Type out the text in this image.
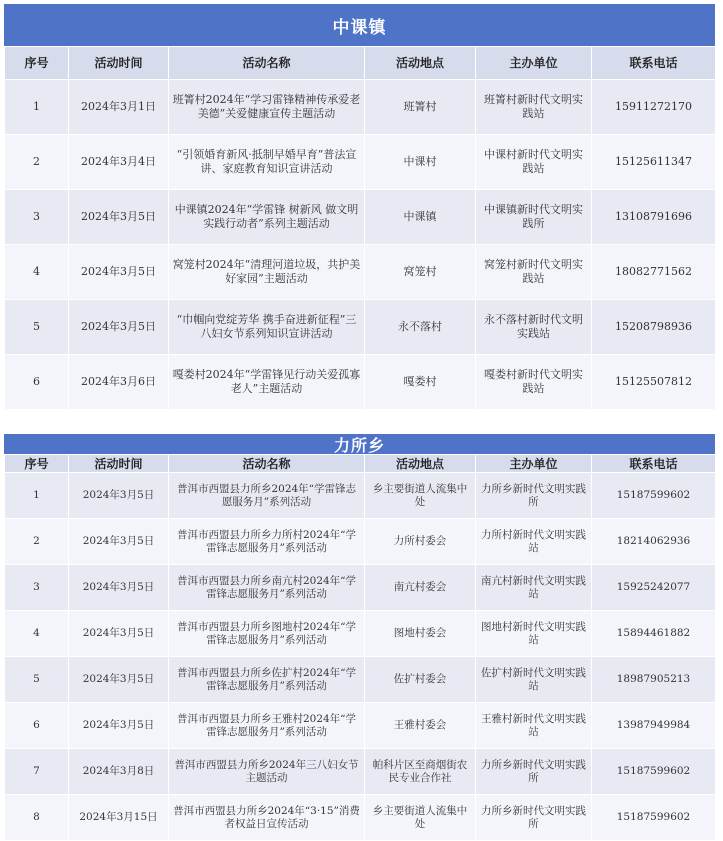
中课镇
序号	活动时间	活动名称	活动地点	主办单位	联系电话
1	2024年3月1日	班箐村2024年“学习雷锋精神传承爱老美德”关爱健康宣传主题活动	班箐村	班箐村新时代文明实践站	15911272170
2	2024年3月4日	“引领婚育新风·抵制早婚早育”普法宣讲、家庭教育知识宣讲活动	中课村	中课村新时代文明实践站	15125611347
3	2024年3月5日	中课镇2024年“学雷锋 树新风 做文明实践行动者”系列主题活动	中课镇	中课镇新时代文明实践所	13108791696
4	2024年3月5日	窝笼村2024年“清理河道垃圾，共护美好家园”主题活动	窝笼村	窝笼村新时代文明实践站	18082771562
5	2024年3月5日	“巾帼向党绽芳华 携手奋进新征程”三八妇女节系列知识宣讲活动	永不落村	永不落村新时代文明实践站	15208798936
6	2024年3月6日	嘎娄村2024年“学雷锋见行动关爱孤寡老人”主题活动	嘎娄村	嘎娄村新时代文明实践站	15125507812
力所乡
序号	活动时间	活动名称	活动地点	主办单位	联系电话
1	2024年3月5日	普洱市西盟县力所乡2024年“学雷锋志愿服务月”系列活动	乡主要街道人流集中处	力所乡新时代文明实践所	15187599602
2	2024年3月5日	普洱市西盟县力所乡力所村2024年“学雷锋志愿服务月”系列活动	力所村委会	力所村新时代文明实践站	18214062936
3	2024年3月5日	普洱市西盟县力所乡南亢村2024年“学雷锋志愿服务月”系列活动	南亢村委会	南亢村新时代文明实践站	15925242077
4	2024年3月5日	普洱市西盟县力所乡图地村2024年“学雷锋志愿服务月”系列活动	图地村委会	图地村新时代文明实践站	15894461882
5	2024年3月5日	普洱市西盟县力所乡佐扩村2024年“学雷锋志愿服务月”系列活动	佐扩村委会	佐扩村新时代文明实践站	18987905213
6	2024年3月5日	普洱市西盟县力所乡王雅村2024年“学雷锋志愿服务月”系列活动	王雅村委会	王雅村新时代文明实践站	13987949984
7	2024年3月8日	普洱市西盟县力所乡2024年三八妇女节主题活动	帕科片区至商烟街农民专业合作社	力所乡新时代文明实践所	15187599602
8	2024年3月15日	普洱市西盟县力所乡2024年“3·15”消费者权益日宣传活动	乡主要街道人流集中处	力所乡新时代文明实践所	15187599602
